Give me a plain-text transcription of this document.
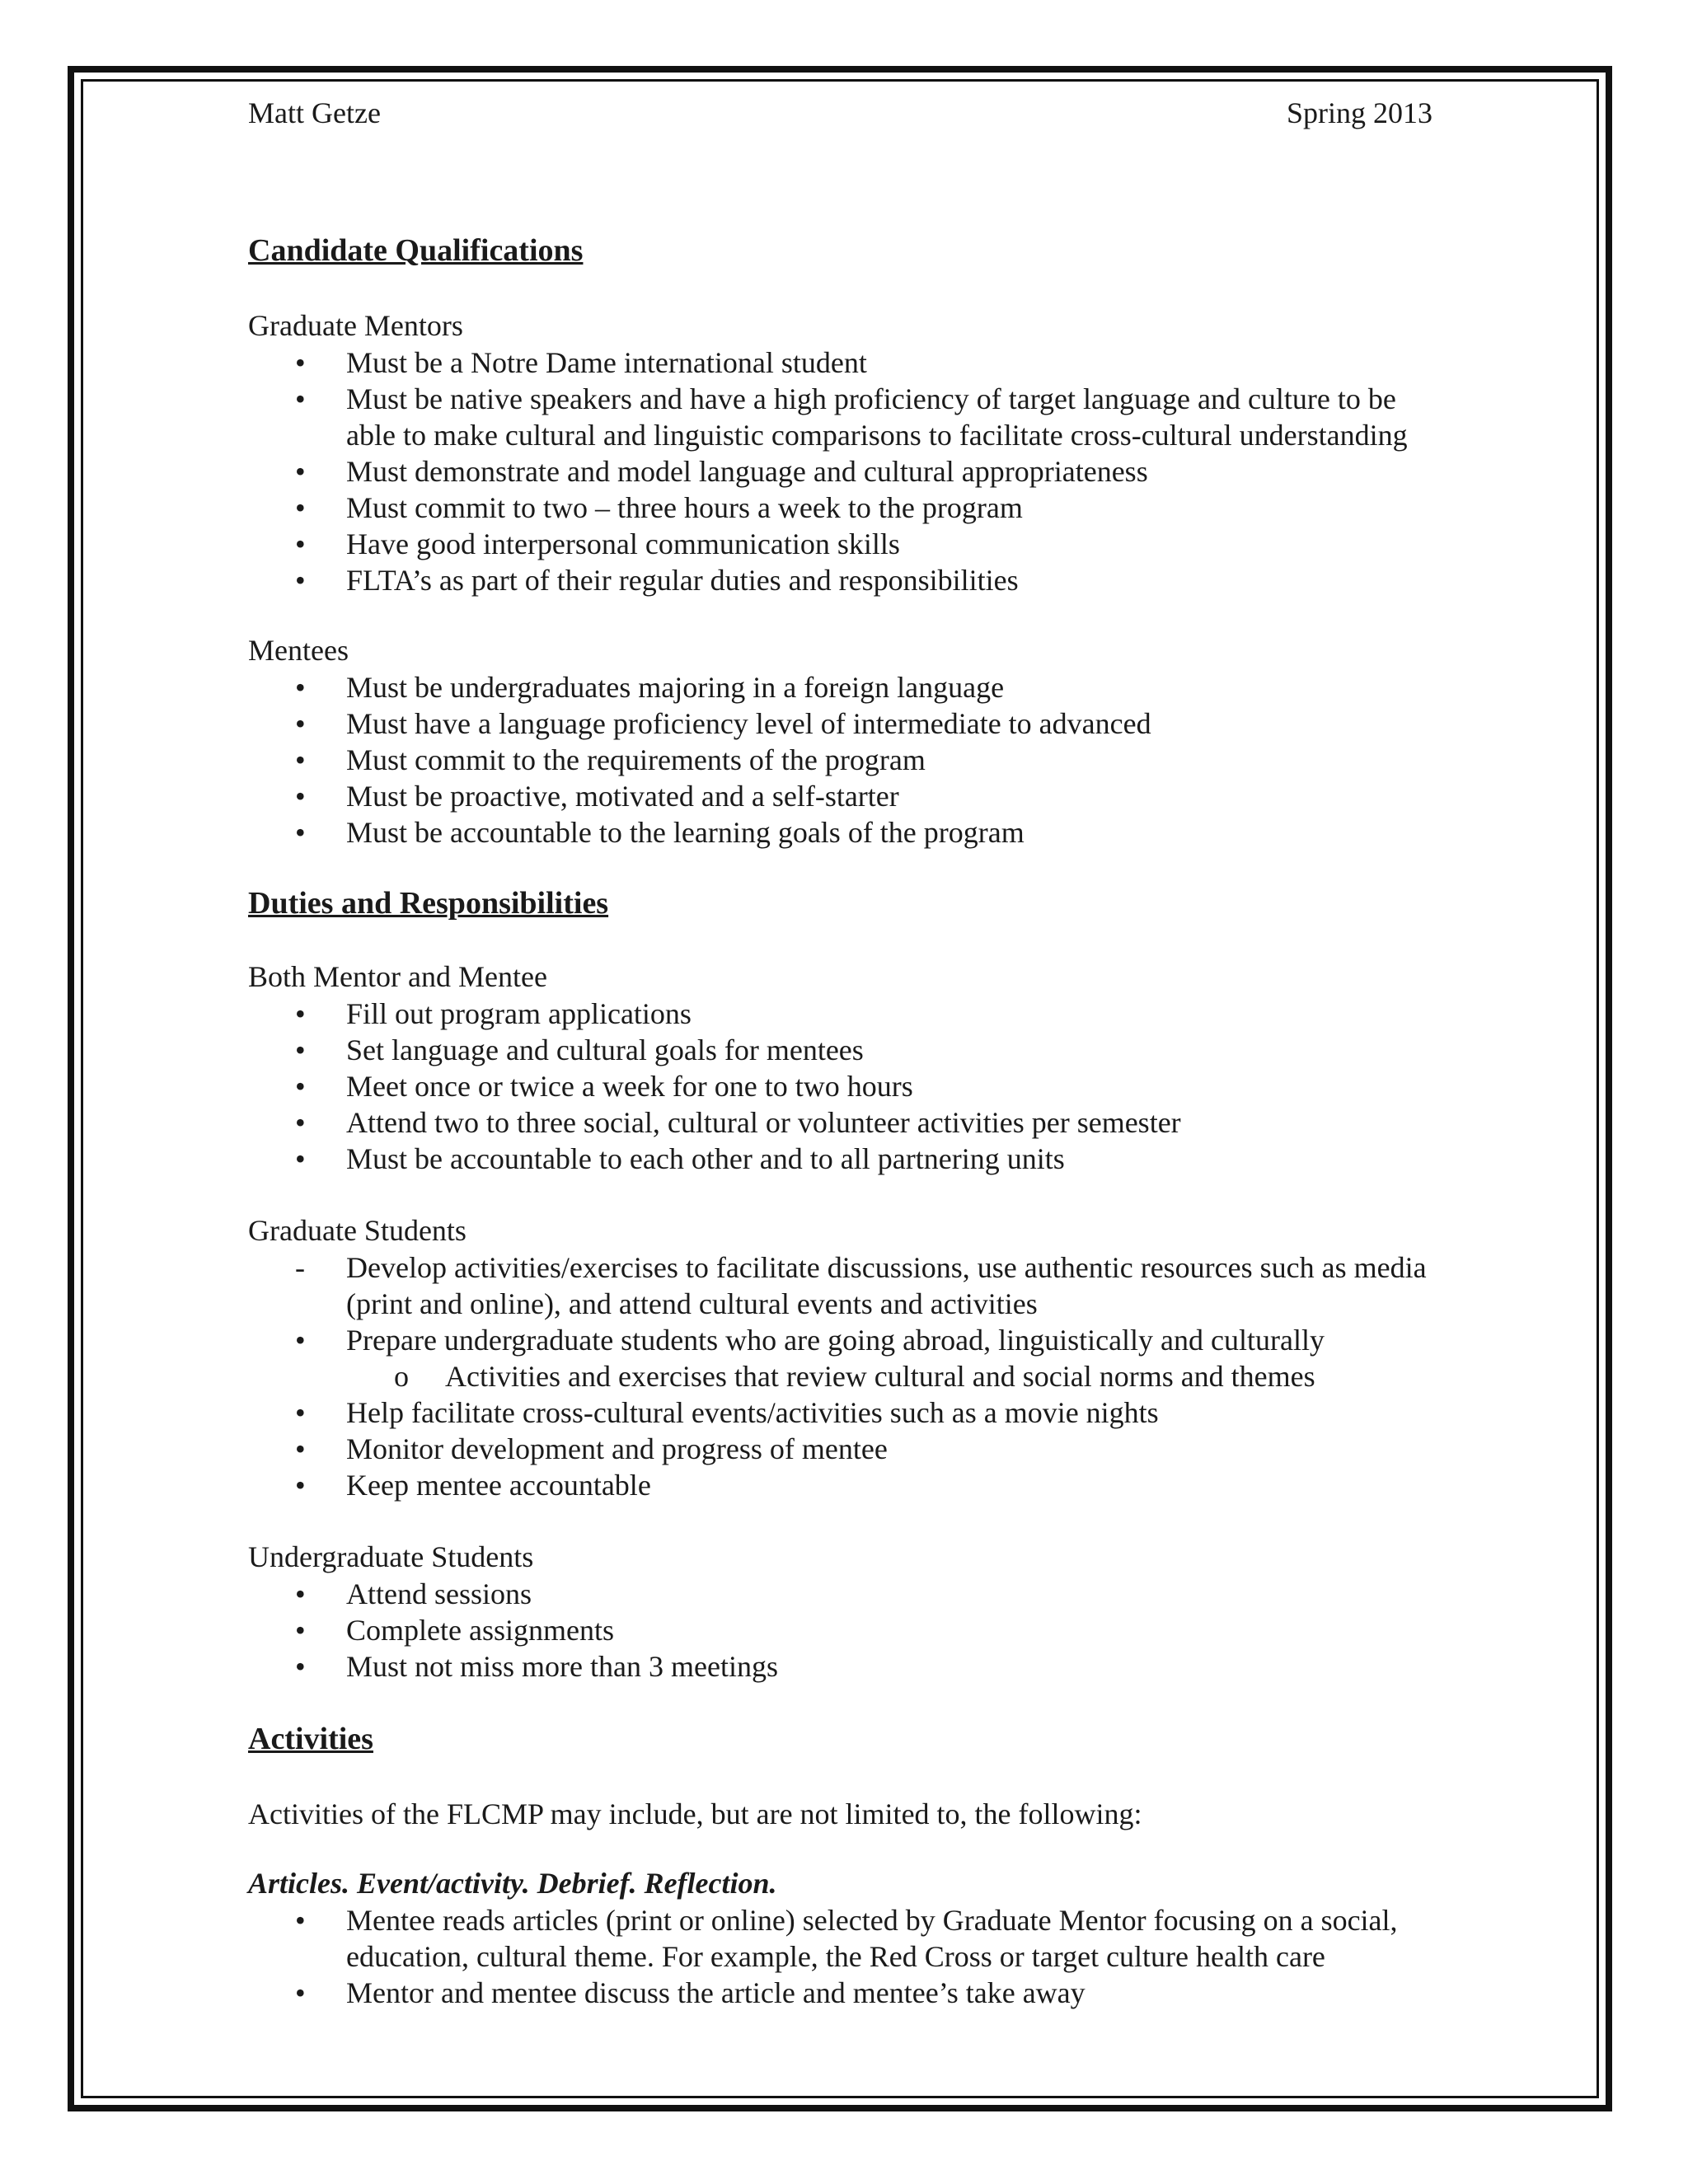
Matt Getze	Spring 2013
Candidate Qualifications
Graduate Mentors
• Must be a Notre Dame international student
• Must be native speakers and have a high proficiency of target language and culture to be able to make cultural and linguistic comparisons to facilitate cross-cultural understanding
• Must demonstrate and model language and cultural appropriateness
• Must commit to two – three hours a week to the program
• Have good interpersonal communication skills
• FLTA’s as part of their regular duties and responsibilities
Mentees
• Must be undergraduates majoring in a foreign language
• Must have a language proficiency level of intermediate to advanced
• Must commit to the requirements of the program
• Must be proactive, motivated and a self-starter
• Must be accountable to the learning goals of the program
Duties and Responsibilities
Both Mentor and Mentee
• Fill out program applications
• Set language and cultural goals for mentees
• Meet once or twice a week for one to two hours
• Attend two to three social, cultural or volunteer activities per semester
• Must be accountable to each other and to all partnering units
Graduate Students
- Develop activities/exercises to facilitate discussions, use authentic resources such as media (print and online), and attend cultural events and activities
• Prepare undergraduate students who are going abroad, linguistically and culturally
o Activities and exercises that review cultural and social norms and themes
• Help facilitate cross-cultural events/activities such as a movie nights
• Monitor development and progress of mentee
• Keep mentee accountable
Undergraduate Students
• Attend sessions
• Complete assignments
• Must not miss more than 3 meetings
Activities
Activities of the FLCMP may include, but are not limited to, the following:
Articles. Event/activity. Debrief. Reflection.
• Mentee reads articles (print or online) selected by Graduate Mentor focusing on a social, education, cultural theme. For example, the Red Cross or target culture health care
• Mentor and mentee discuss the article and mentee’s take away
